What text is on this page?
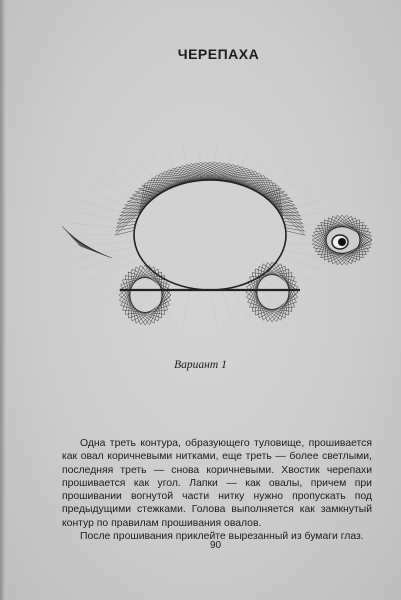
ЧЕРЕПАХА
Вариант 1

Одна треть контура, образующего туловище, прошивается как овал коричневыми нитками, еще треть — более светлыми, последняя треть — снова коричневыми. Хвостик черепахи прошивается как угол. Лапки — как овалы, причем при прошивании вогнутой части нитку нужно пропускать под предыдущими стежками. Голова выполняется как замкнутый контур по правилам прошивания овалов.

После прошивания приклейте вырезанный из бумаги глаз.

90
